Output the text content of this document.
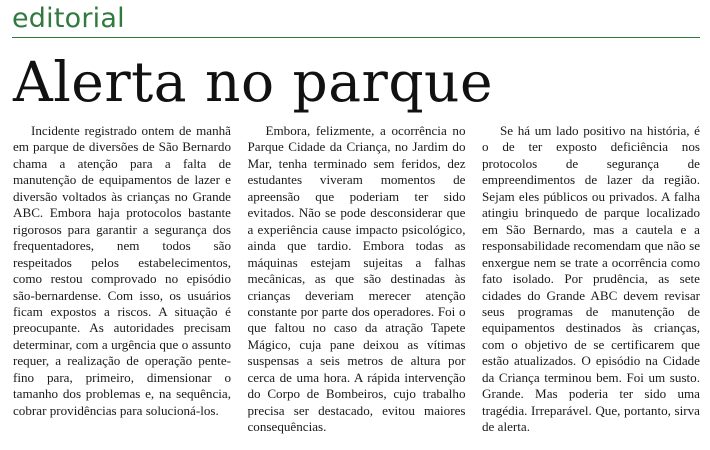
editorial
Alerta no parque

Incidente registrado ontem de manhã em parque de diversões de São Bernardo chama a atenção para a falta de manutenção de equipamentos de lazer e diversão voltados às crianças no Grande ABC. Embora haja protocolos bastante rigorosos para garantir a segurança dos frequentadores, nem todos são respeitados pelos estabelecimentos, como restou comprovado no episódio são-bernardense. Com isso, os usuários ficam expostos a riscos. A situação é preocupante. As autoridades precisam determinar, com a urgência que o assunto requer, a realização de operação pente-fino para, primeiro, dimensionar o tamanho dos problemas e, na sequência, cobrar providências para solucioná-los.

Embora, felizmente, a ocorrência no Parque Cidade da Criança, no Jardim do Mar, tenha terminado sem feridos, dez estudantes viveram momentos de apreensão que poderiam ter sido evitados. Não se pode desconsiderar que a experiência cause impacto psicológico, ainda que tardio. Embora todas as máquinas estejam sujeitas a falhas mecânicas, as que são destinadas às crianças deveriam merecer atenção constante por parte dos operadores. Foi o que faltou no caso da atração Tapete Mágico, cuja pane deixou as vítimas suspensas a seis metros de altura por cerca de uma hora. A rápida intervenção do Corpo de Bombeiros, cujo trabalho precisa ser destacado, evitou maiores consequências.

Se há um lado positivo na história, é o de ter exposto deficiência nos protocolos de segurança de empreendimentos de lazer da região. Sejam eles públicos ou privados. A falha atingiu brinquedo de parque localizado em São Bernardo, mas a cautela e a responsabilidade recomendam que não se enxergue nem se trate a ocorrência como fato isolado. Por prudência, as sete cidades do Grande ABC devem revisar seus programas de manutenção de equipamentos destinados às crianças, com o objetivo de se certificarem que estão atualizados. O episódio na Cidade da Criança terminou bem. Foi um susto. Grande. Mas poderia ter sido uma tragédia. Irreparável. Que, portanto, sirva de alerta.
